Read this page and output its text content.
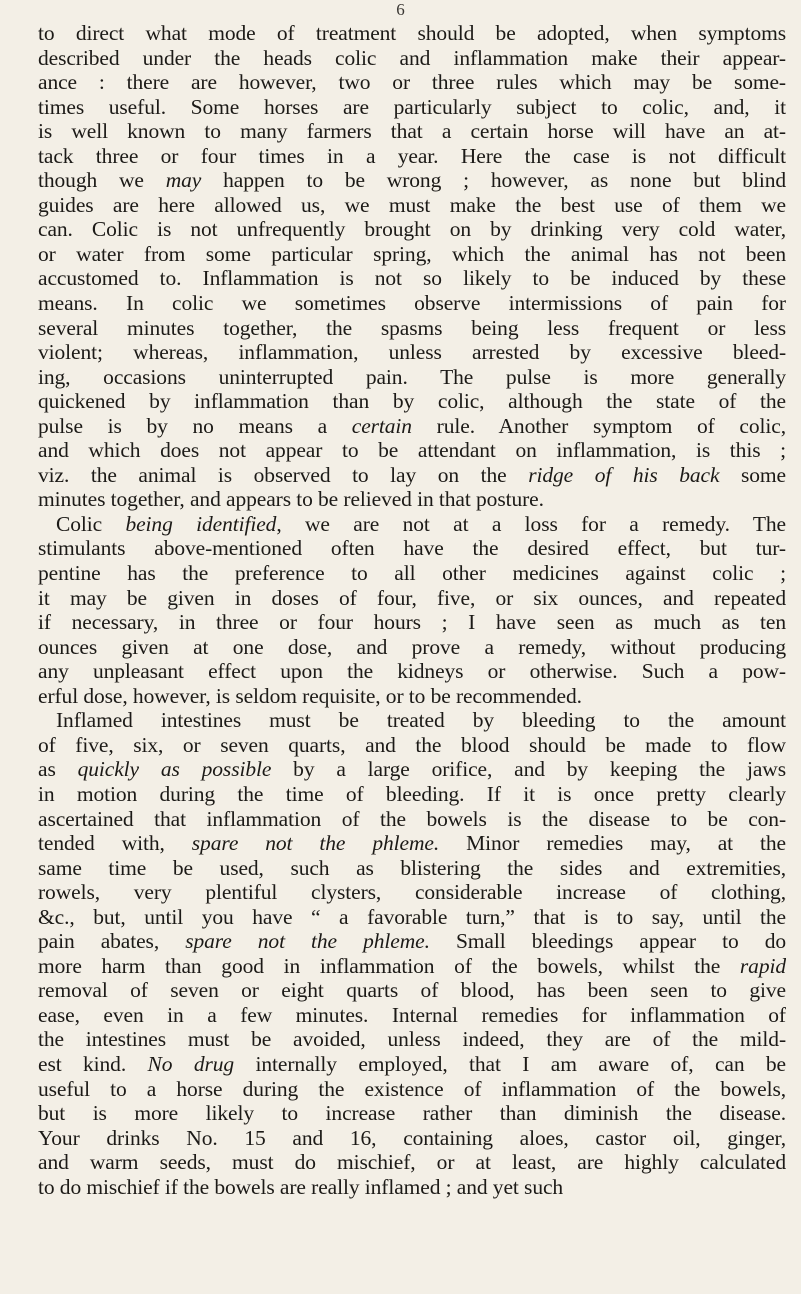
6
to direct what mode of treatment should be adopted, when symptoms
described under the heads colic and inflammation make their appear-
ance : there are however, two or three rules which may be some-
times useful. Some horses are particularly subject to colic, and, it
is well known to many farmers that a certain horse will have an at-
tack three or four times in a year. Here the case is not difficult
though we may happen to be wrong ; however, as none but blind
guides are here allowed us, we must make the best use of them we
can. Colic is not unfrequently brought on by drinking very cold water,
or water from some particular spring, which the animal has not been
accustomed to. Inflammation is not so likely to be induced by these
means. In colic we sometimes observe intermissions of pain for
several minutes together, the spasms being less frequent or less
violent; whereas, inflammation, unless arrested by excessive bleed-
ing, occasions uninterrupted pain. The pulse is more generally
quickened by inflammation than by colic, although the state of the
pulse is by no means a certain rule. Another symptom of colic,
and which does not appear to be attendant on inflammation, is this ;
viz. the animal is observed to lay on the ridge of his back some
minutes together, and appears to be relieved in that posture.
Colic being identified, we are not at a loss for a remedy. The
stimulants above-mentioned often have the desired effect, but tur-
pentine has the preference to all other medicines against colic ;
it may be given in doses of four, five, or six ounces, and repeated
if necessary, in three or four hours ; I have seen as much as ten
ounces given at one dose, and prove a remedy, without producing
any unpleasant effect upon the kidneys or otherwise. Such a pow-
erful dose, however, is seldom requisite, or to be recommended.
Inflamed intestines must be treated by bleeding to the amount
of five, six, or seven quarts, and the blood should be made to flow
as quickly as possible by a large orifice, and by keeping the jaws
in motion during the time of bleeding. If it is once pretty clearly
ascertained that inflammation of the bowels is the disease to be con-
tended with, spare not the phleme. Minor remedies may, at the
same time be used, such as blistering the sides and extremities,
rowels, very plentiful clysters, considerable increase of clothing,
&c., but, until you have “ a favorable turn,” that is to say, until the
pain abates, spare not the phleme. Small bleedings appear to do
more harm than good in inflammation of the bowels, whilst the rapid
removal of seven or eight quarts of blood, has been seen to give
ease, even in a few minutes. Internal remedies for inflammation of
the intestines must be avoided, unless indeed, they are of the mild-
est kind. No drug internally employed, that I am aware of, can be
useful to a horse during the existence of inflammation of the bowels,
but is more likely to increase rather than diminish the disease.
Your drinks No. 15 and 16, containing aloes, castor oil, ginger,
and warm seeds, must do mischief, or at least, are highly calculated
to do mischief if the bowels are really inflamed ; and yet such
